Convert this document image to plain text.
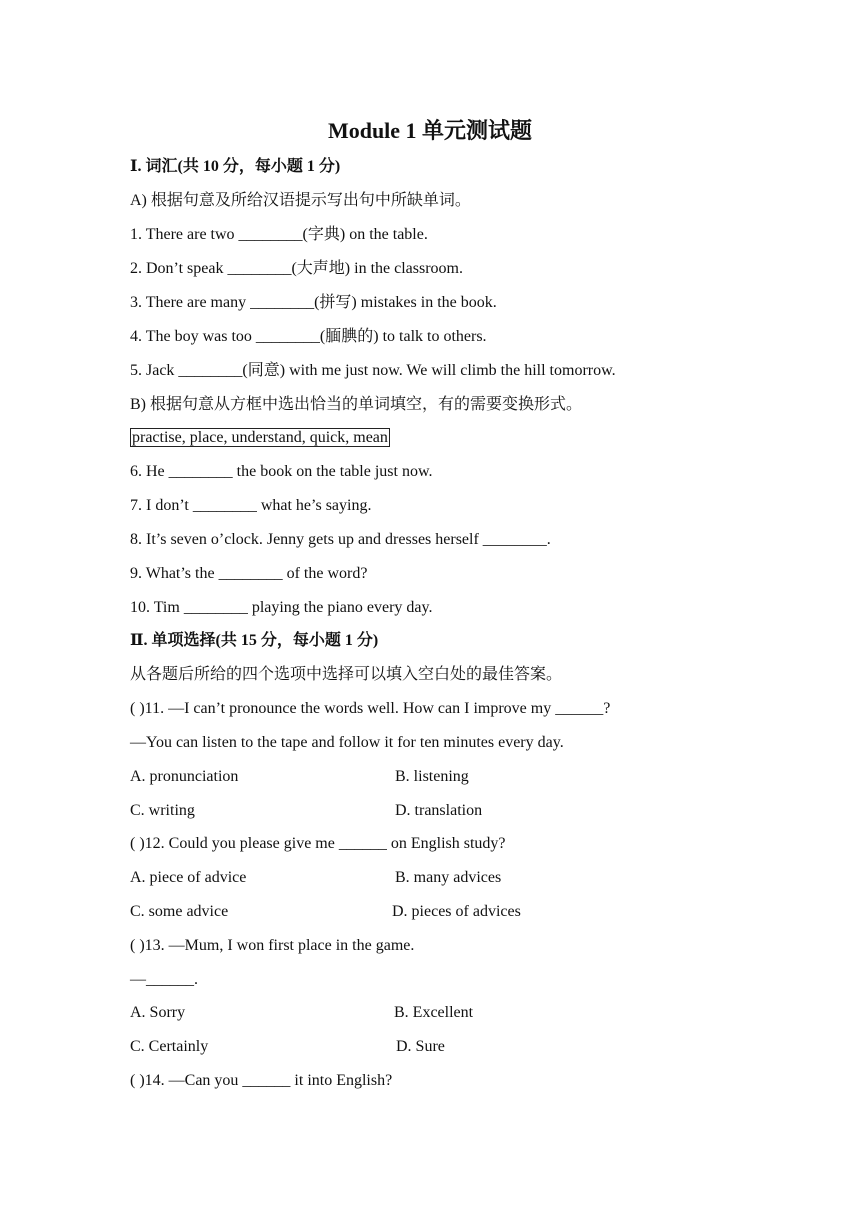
Module 1 单元测试题
Ⅰ. 词汇(共 10 分，每小题 1 分)
A) 根据句意及所给汉语提示写出句中所缺单词。
1. There are two ________(字典) on the table.
2. Don’t speak ________(大声地) in the classroom.
3. There are many ________(拼写) mistakes in the book.
4. The boy was too ________(腼腆的) to talk to others.
5. Jack ________(同意) with me just now. We will climb the hill tomorrow.
B) 根据句意从方框中选出恰当的单词填空，有的需要变换形式。
practise, place, understand, quick, mean
6. He ________ the book on the table just now.
7. I don’t ________ what he’s saying.
8. It’s seven o’clock. Jenny gets up and dresses herself ________.
9. What’s the ________ of the word?
10. Tim ________ playing the piano every day.
Ⅱ. 单项选择(共 15 分，每小题 1 分)
从各题后所给的四个选项中选择可以填入空白处的最佳答案。
( )11. —I can’t pronounce the words well. How can I improve my ______?
—You can listen to the tape and follow it for ten minutes every day.
A. pronunciation	B. listening
C. writing	D. translation
( )12. Could you please give me ______ on English study?
A. piece of advice	B. many advices
C. some advice	D. pieces of advices
( )13. —Mum, I won first place in the game.
—______.
A. Sorry	B. Excellent
C. Certainly	D. Sure
( )14. —Can you ______ it into English?
